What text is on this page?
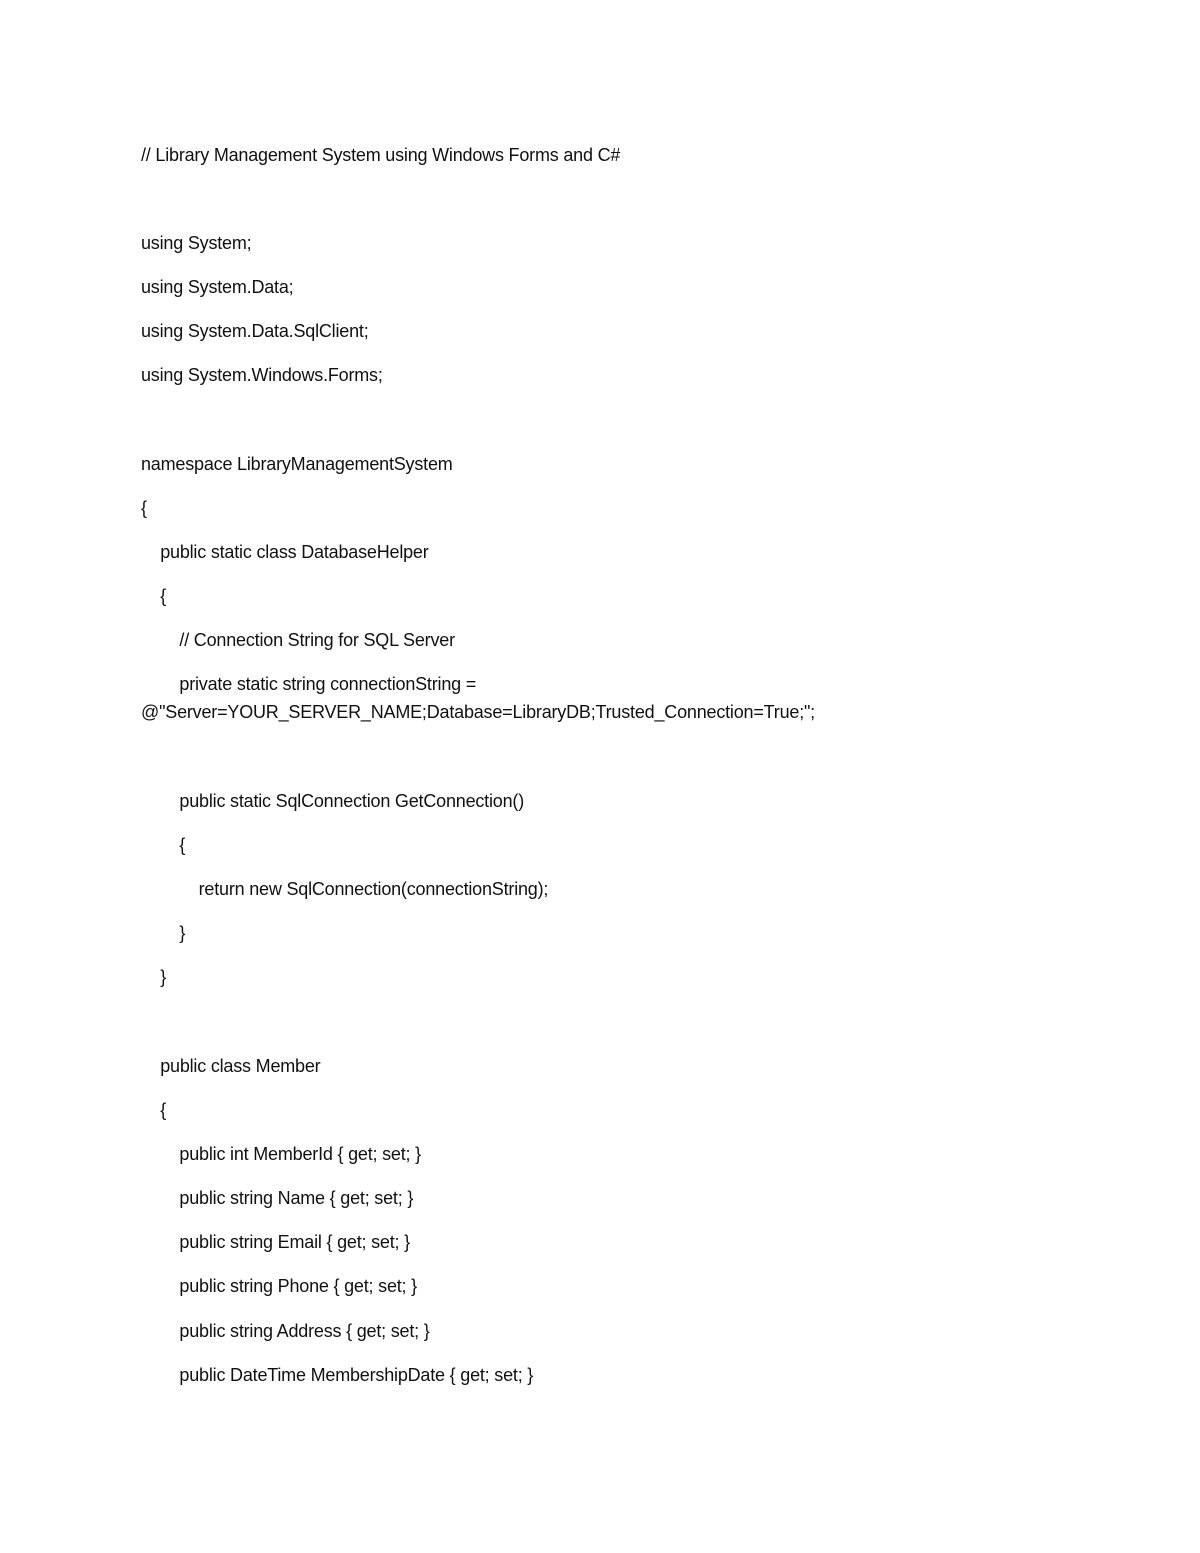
// Library Management System using Windows Forms and C#
using System;
using System.Data;
using System.Data.SqlClient;
using System.Windows.Forms;
namespace LibraryManagementSystem
{
public static class DatabaseHelper
{
// Connection String for SQL Server
private static string connectionString =
@"Server=YOUR_SERVER_NAME;Database=LibraryDB;Trusted_Connection=True;";
public static SqlConnection GetConnection()
{
return new SqlConnection(connectionString);
}
}
public class Member
{
public int MemberId { get; set; }
public string Name { get; set; }
public string Email { get; set; }
public string Phone { get; set; }
public string Address { get; set; }
public DateTime MembershipDate { get; set; }
